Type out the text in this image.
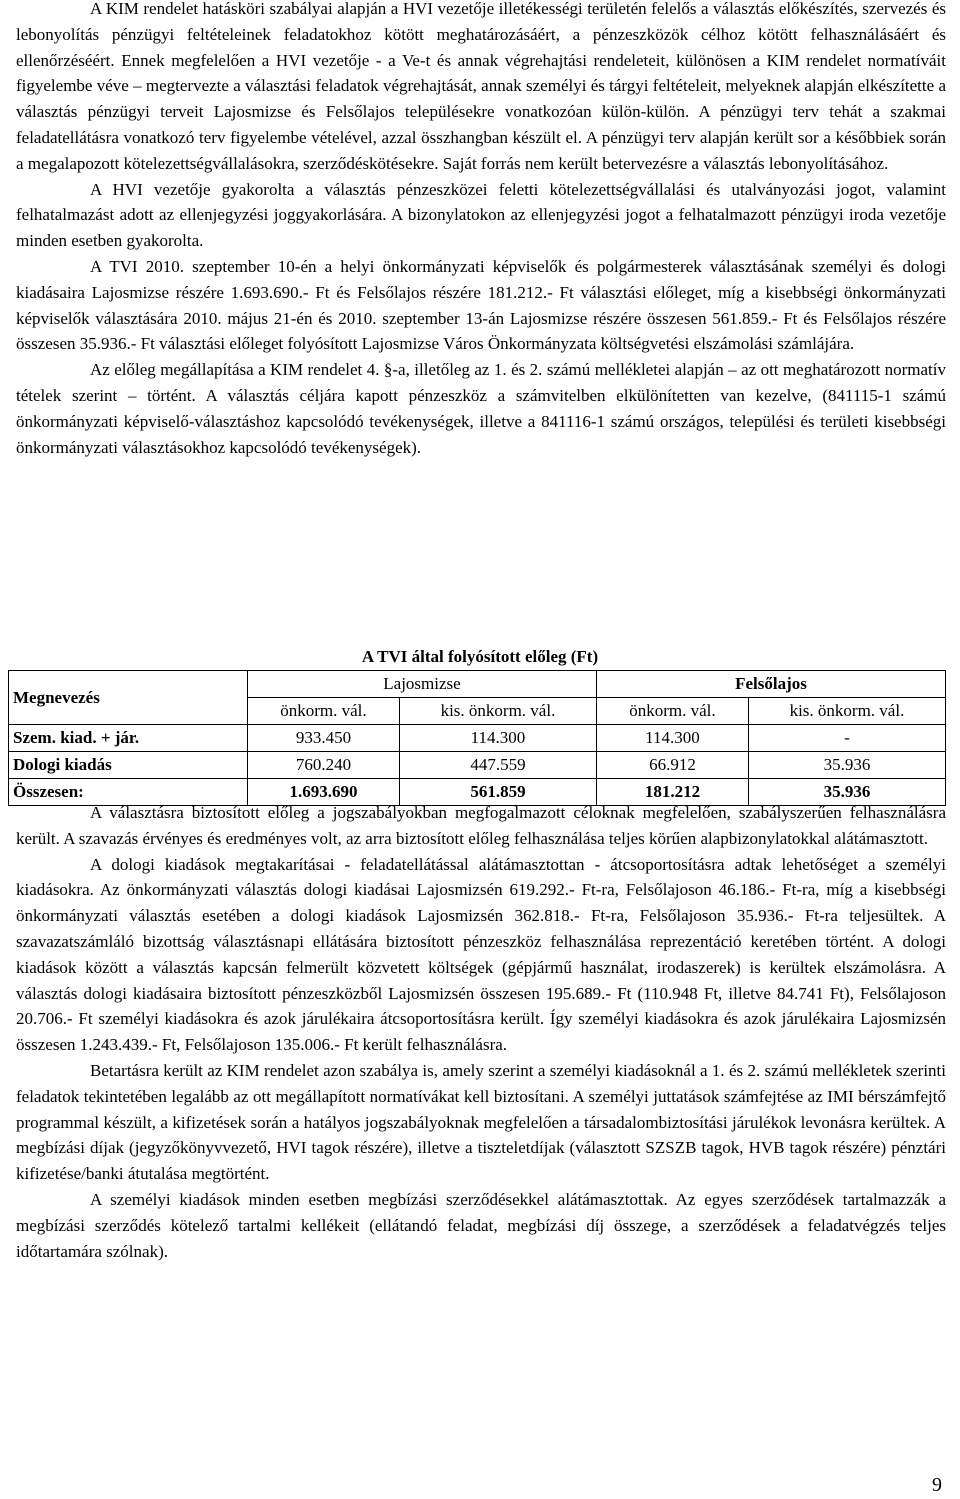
A KIM rendelet hatásköri szabályai alapján a HVI vezetője illetékességi területén felelős a választás előkészítés, szervezés és lebonyolítás pénzügyi feltételeinek feladatokhoz kötött meghatározásáért, a pénzeszközök célhoz kötött felhasználásáért és ellenőrzéséért. Ennek megfelelően a HVI vezetője - a Ve-t és annak végrehajtási rendeleteit, különösen a KIM rendelet normatíváit figyelembe véve – megtervezte a választási feladatok végrehajtását, annak személyi és tárgyi feltételeit, melyeknek alapján elkészítette a választás pénzügyi terveit Lajosmizse és Felsőlajos településekre vonatkozóan külön-külön. A pénzügyi terv tehát a szakmai feladatellátásra vonatkozó terv figyelembe vételével, azzal összhangban készült el. A pénzügyi terv alapján került sor a későbbiek során a megalapozott kötelezettségvállalásokra, szerződéskötésekre. Saját forrás nem került betervezésre a választás lebonyolításához.

A HVI vezetője gyakorolta a választás pénzeszközei feletti kötelezettségvállalási és utalványozási jogot, valamint felhatalmazást adott az ellenjegyzési joggyakorlására. A bizonylatokon az ellenjegyzési jogot a felhatalmazott pénzügyi iroda vezetője minden esetben gyakorolta.

A TVI 2010. szeptember 10-én a helyi önkormányzati képviselők és polgármesterek választásának személyi és dologi kiadásaira Lajosmizse részére 1.693.690.- Ft és Felsőlajos részére 181.212.- Ft választási előleget, míg a kisebbségi önkormányzati képviselők választására 2010. május 21-én és 2010. szeptember 13-án Lajosmizse részére összesen 561.859.- Ft és Felsőlajos részére összesen 35.936.- Ft választási előleget folyósított Lajosmizse Város Önkormányzata költségvetési elszámolási számlájára.

Az előleg megállapítása a KIM rendelet 4. §-a, illetőleg az 1. és 2. számú mellékletei alapján – az ott meghatározott normatív tételek szerint – történt. A választás céljára kapott pénzeszköz a számvitelben elkülönítetten van kezelve, (841115-1 számú önkormányzati képviselő-választáshoz kapcsolódó tevékenységek, illetve a 841116-1 számú országos, települési és területi kisebbségi önkormányzati választásokhoz kapcsolódó tevékenységek).

A TVI által folyósított előleg (Ft)
Megnevezés	Lajosmizse		Felsőlajos	
	önkorm. vál.	kis. önkorm. vál.	önkorm. vál.	kis. önkorm. vál.
Szem. kiad. + jár.	933.450	114.300	114.300	-
Dologi kiadás	760.240	447.559	66.912	35.936
Összesen:	1.693.690	561.859	181.212	35.936

A választásra biztosított előleg a jogszabályokban megfogalmazott céloknak megfelelően, szabályszerűen felhasználásra került. A szavazás érvényes és eredményes volt, az arra biztosított előleg felhasználása teljes körűen alapbizonylatokkal alátámasztott.

A dologi kiadások megtakarításai - feladatellátással alátámasztottan - átcsoportosításra adtak lehetőséget a személyi kiadásokra. Az önkormányzati választás dologi kiadásai Lajosmizsén 619.292.- Ft-ra, Felsőlajoson 46.186.- Ft-ra, míg a kisebbségi önkormányzati választás esetében a dologi kiadások Lajosmizsén 362.818.- Ft-ra, Felsőlajoson 35.936.- Ft-ra teljesültek. A szavazatszámláló bizottság választásnapi ellátására biztosított pénzeszköz felhasználása reprezentáció keretében történt. A dologi kiadások között a választás kapcsán felmerült közvetett költségek (gépjármű használat, irodaszerek) is kerültek elszámolásra. A választás dologi kiadásaira biztosított pénzeszközből Lajosmizsén összesen 195.689.- Ft (110.948 Ft, illetve 84.741 Ft), Felsőlajoson 20.706.- Ft személyi kiadásokra és azok járulékaira átcsoportosításra került. Így személyi kiadásokra és azok járulékaira Lajosmizsén összesen 1.243.439.- Ft, Felsőlajoson 135.006.- Ft került felhasználásra.

Betartásra került az KIM rendelet azon szabálya is, amely szerint a személyi kiadásoknál a 1. és 2. számú mellékletek szerinti feladatok tekintetében legalább az ott megállapított normatívákat kell biztosítani. A személyi juttatások számfejtése az IMI bérszámfejtő programmal készült, a kifizetések során a hatályos jogszabályoknak megfelelően a társadalombiztosítási járulékok levonásra kerültek. A megbízási díjak (jegyzőkönyvvezető, HVI tagok részére), illetve a tiszteletdíjak (választott SZSZB tagok, HVB tagok részére) pénztári kifizetése/banki átutalása megtörtént.

A személyi kiadások minden esetben megbízási szerződésekkel alátámasztottak. Az egyes szerződések tartalmazzák a megbízási szerződés kötelező tartalmi kellékeit (ellátandó feladat, megbízási díj összege, a szerződések a feladatvégzés teljes időtartamára szólnak).

9
